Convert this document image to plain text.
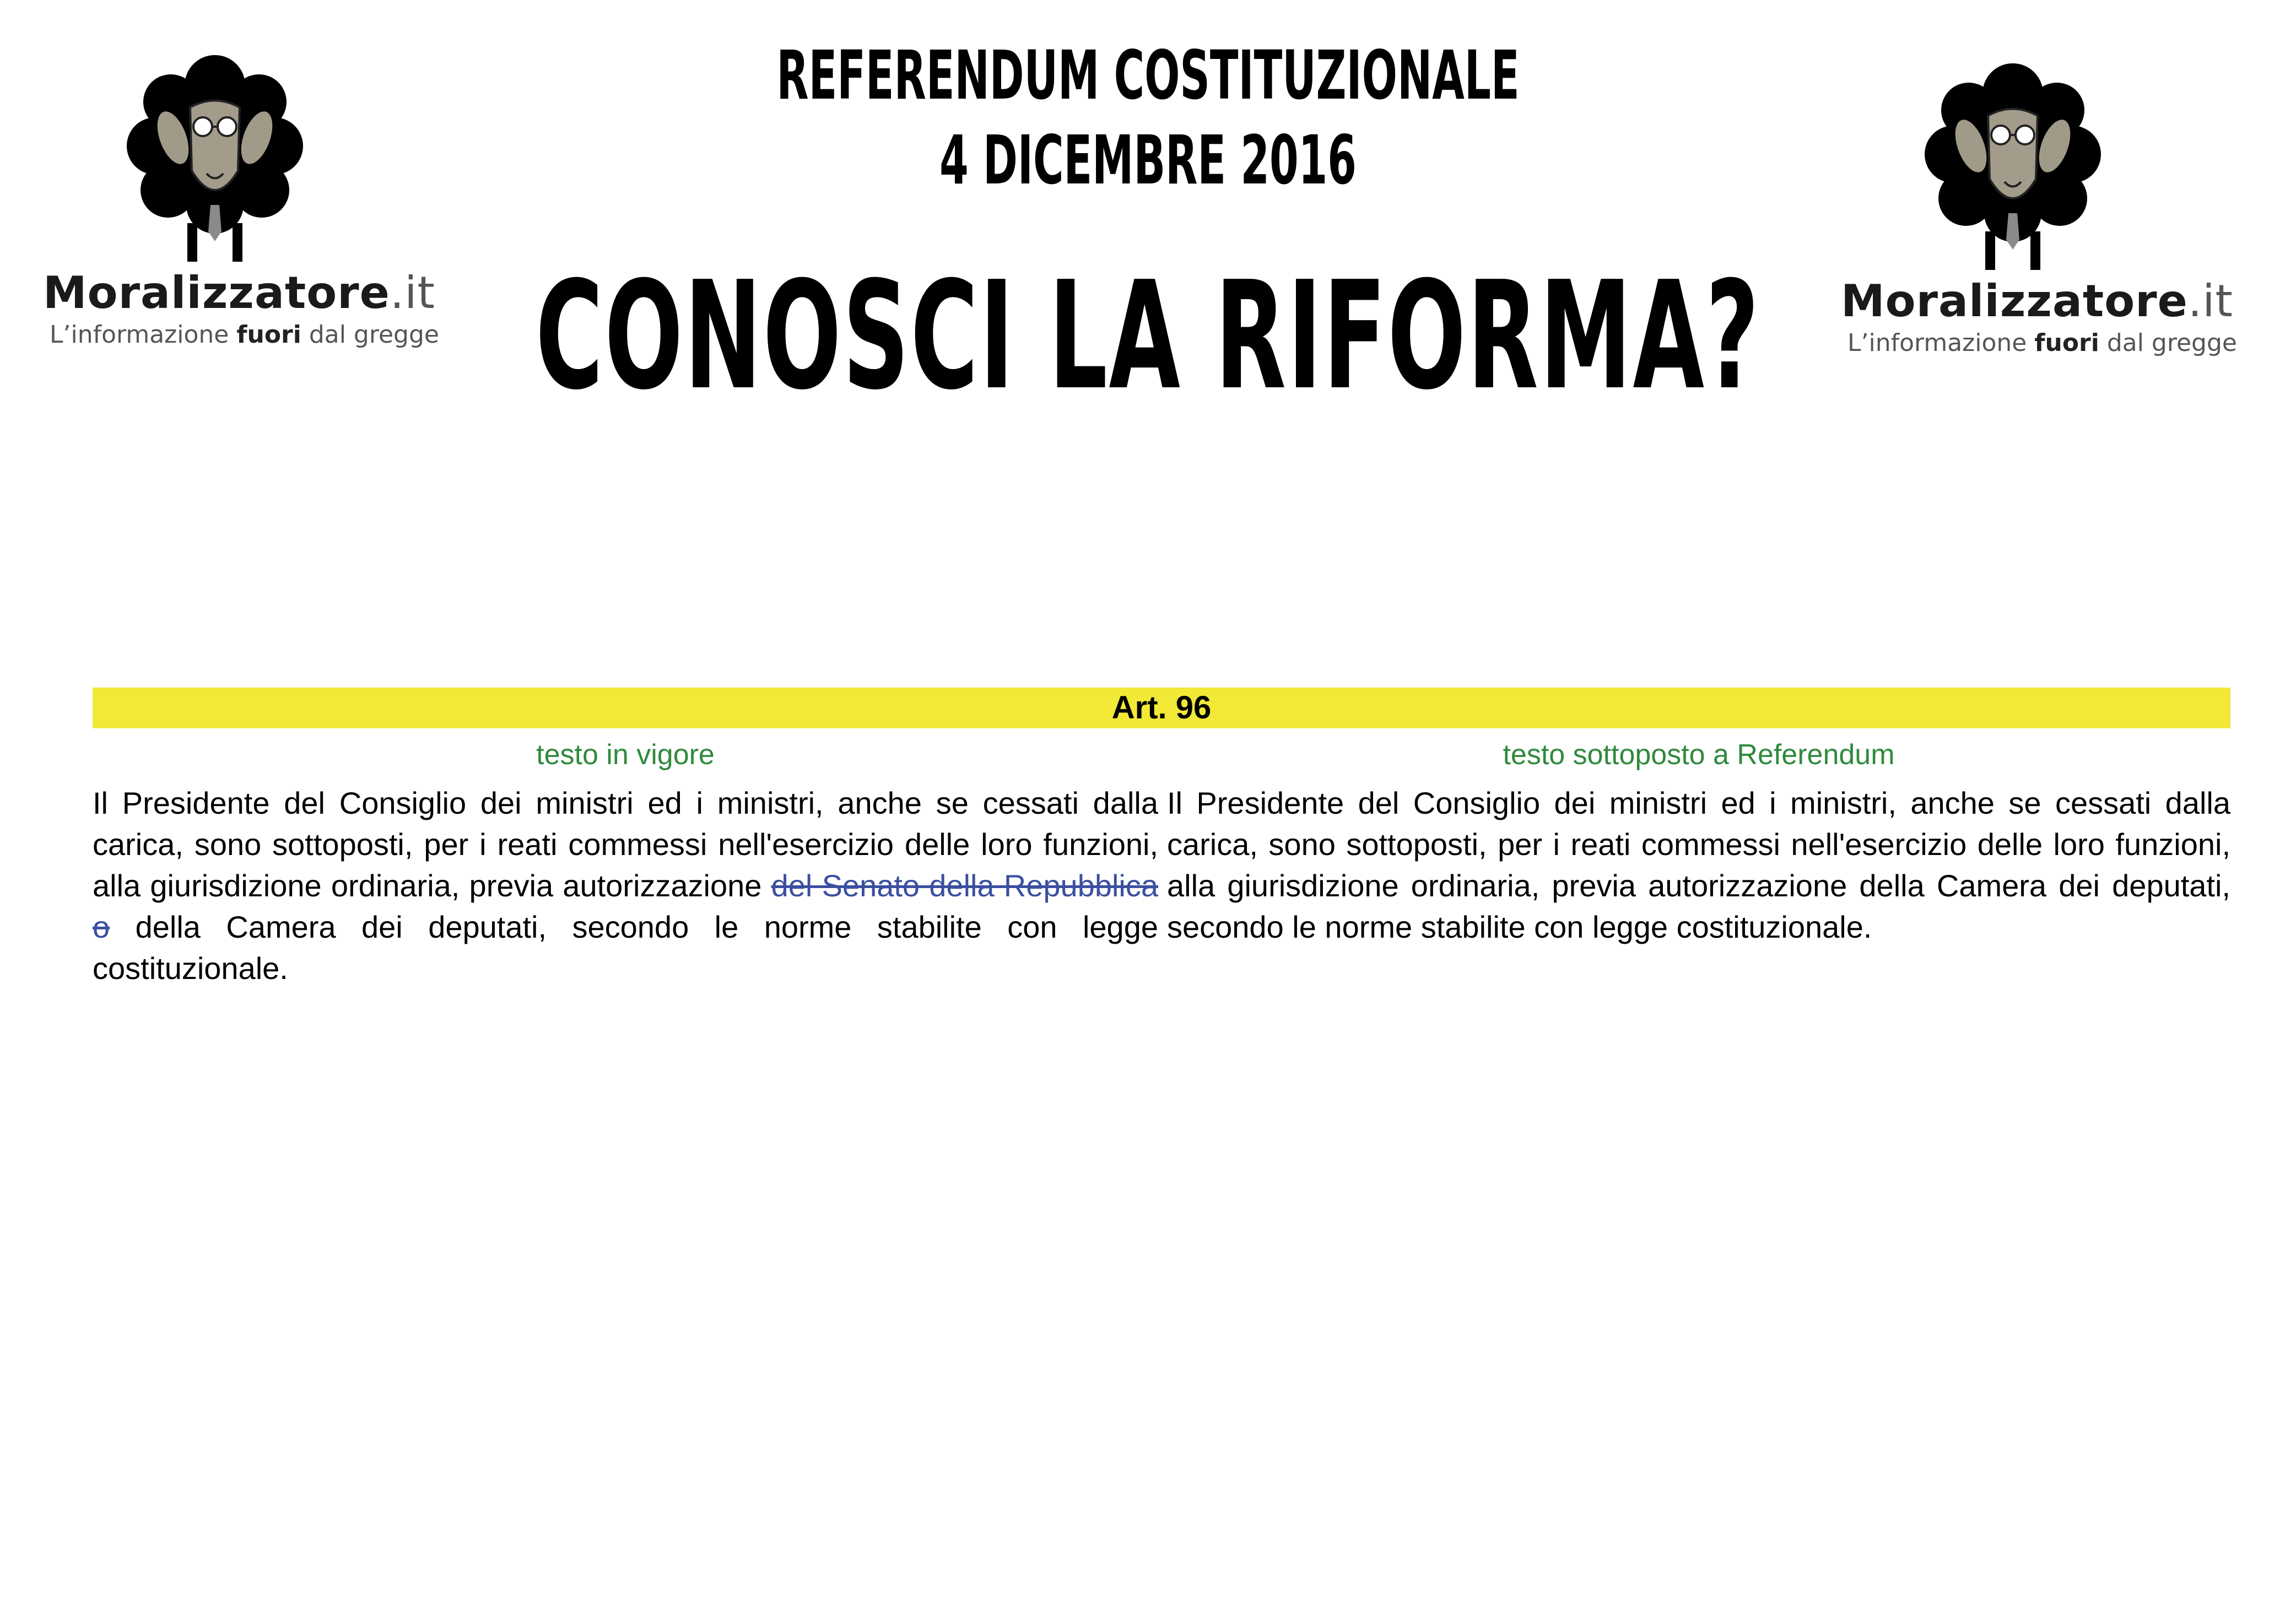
REFERENDUM COSTITUZIONALE
4 DICEMBRE 2016
CONOSCI LA RIFORMA?
Moralizzatore.it
L’informazione fuori dal gregge
Moralizzatore.it
L’informazione fuori dal gregge
Art. 96
testo in vigore	testo sottoposto a Referendum
Il Presidente del Consiglio dei ministri ed i ministri, anche se cessati dalla carica, sono sottoposti, per i reati commessi nell'esercizio delle loro funzioni, alla giurisdizione ordinaria, previa autorizzazione del Senato della Repubblica o della Camera dei deputati, secondo le norme stabilite con legge costituzionale.
Il Presidente del Consiglio dei ministri ed i ministri, anche se cessati dalla carica, sono sottoposti, per i reati commessi nell'esercizio delle loro funzioni, alla giurisdizione ordinaria, previa autorizzazione della Camera dei deputati, secondo le norme stabilite con legge costituzionale.
